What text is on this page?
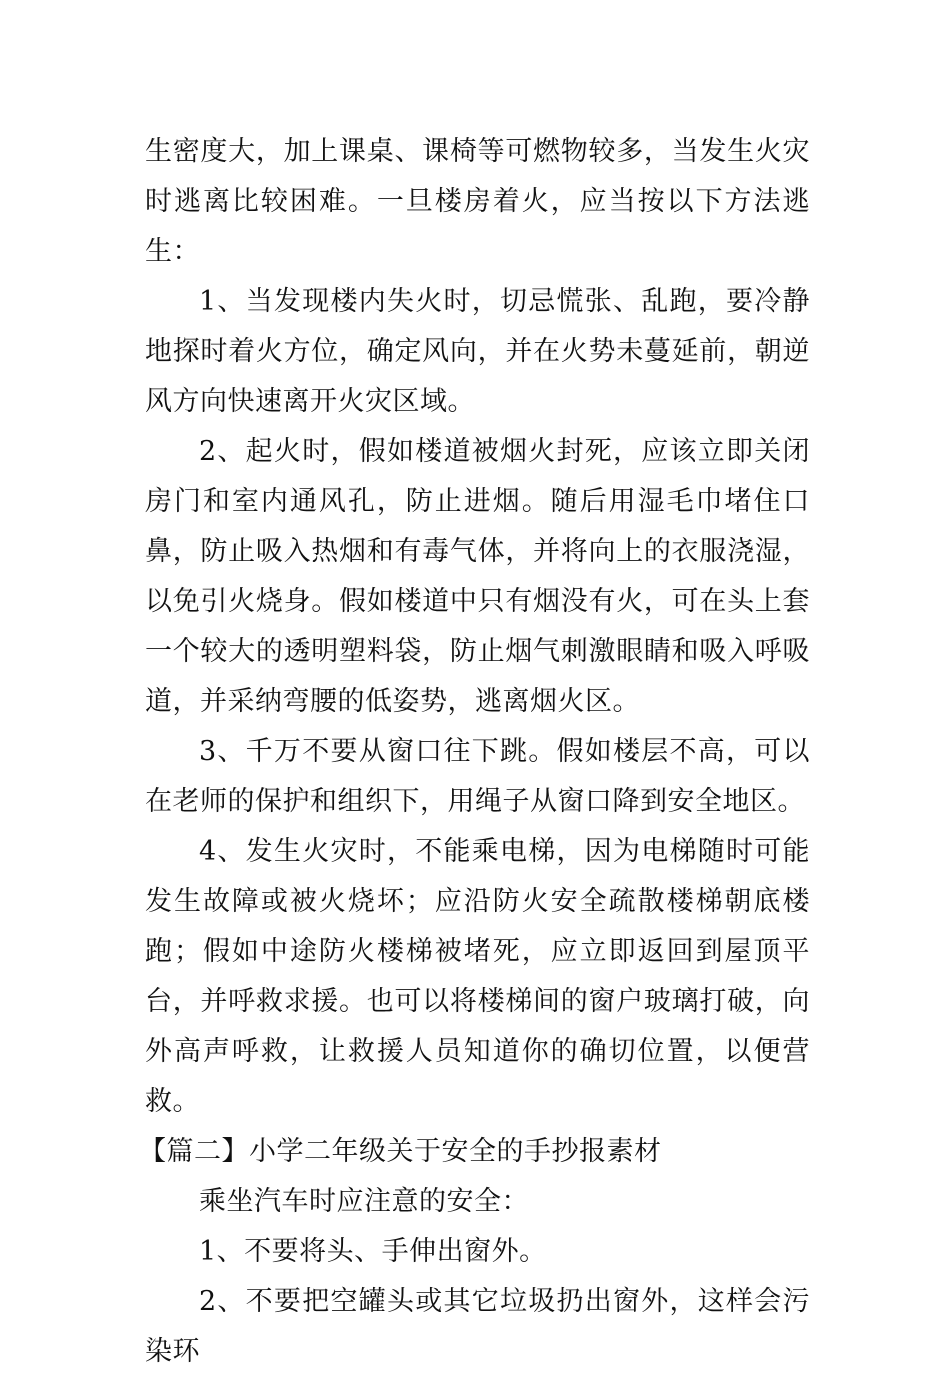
生密度大，加上课桌、课椅等可燃物较多，当发生火灾时逃离比较困难。一旦楼房着火，应当按以下方法逃生：

1、当发现楼内失火时，切忌慌张、乱跑，要冷静地探时着火方位，确定风向，并在火势未蔓延前，朝逆风方向快速离开火灾区域。

2、起火时，假如楼道被烟火封死，应该立即关闭房门和室内通风孔，防止进烟。随后用湿毛巾堵住口鼻，防止吸入热烟和有毒气体，并将向上的衣服浇湿，以免引火烧身。假如楼道中只有烟没有火，可在头上套一个较大的透明塑料袋，防止烟气刺激眼睛和吸入呼吸道，并采纳弯腰的低姿势，逃离烟火区。

3、千万不要从窗口往下跳。假如楼层不高，可以在老师的保护和组织下，用绳子从窗口降到安全地区。

4、发生火灾时，不能乘电梯，因为电梯随时可能发生故障或被火烧坏；应沿防火安全疏散楼梯朝底楼跑；假如中途防火楼梯被堵死，应立即返回到屋顶平台，并呼救求援。也可以将楼梯间的窗户玻璃打破，向外高声呼救，让救援人员知道你的确切位置，以便营救。

【篇二】小学二年级关于安全的手抄报素材

乘坐汽车时应注意的安全：

1、不要将头、手伸出窗外。

2、不要把空罐头或其它垃圾扔出窗外，这样会污染环
